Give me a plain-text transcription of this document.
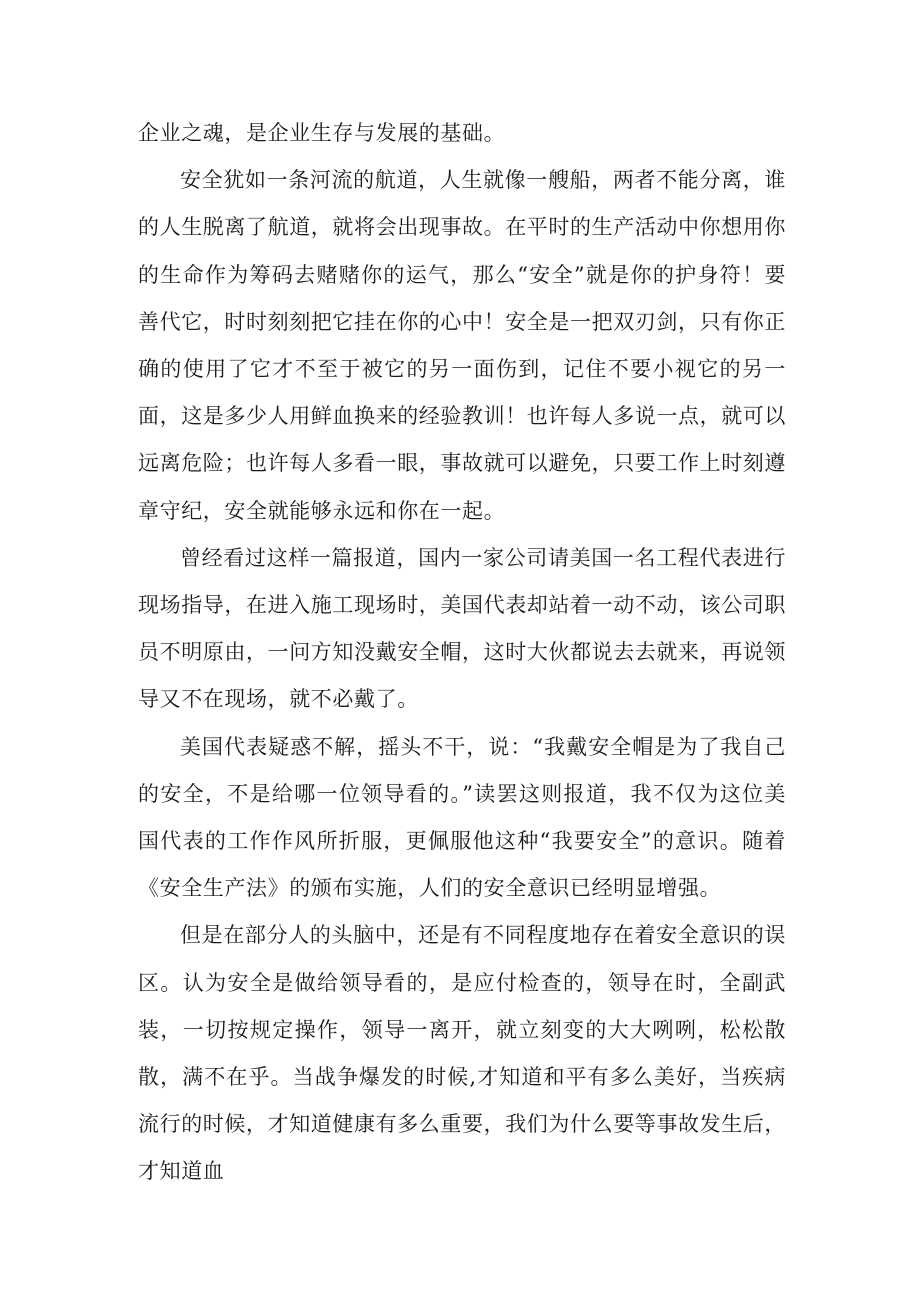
企业之魂，是企业生存与发展的基础。

安全犹如一条河流的航道，人生就像一艘船，两者不能分离，谁的人生脱离了航道，就将会出现事故。在平时的生产活动中你想用你的生命作为筹码去赌赌你的运气，那么“安全”就是你的护身符！要善代它，时时刻刻把它挂在你的心中！安全是一把双刃剑，只有你正确的使用了它才不至于被它的另一面伤到，记住不要小视它的另一面，这是多少人用鲜血换来的经验教训！也许每人多说一点，就可以远离危险；也许每人多看一眼，事故就可以避免，只要工作上时刻遵章守纪，安全就能够永远和你在一起。

曾经看过这样一篇报道，国内一家公司请美国一名工程代表进行现场指导，在进入施工现场时，美国代表却站着一动不动，该公司职员不明原由，一问方知没戴安全帽，这时大伙都说去去就来，再说领导又不在现场，就不必戴了。

美国代表疑惑不解，摇头不干，说：“我戴安全帽是为了我自己的安全，不是给哪一位领导看的。”读罢这则报道，我不仅为这位美国代表的工作作风所折服，更佩服他这种“我要安全”的意识。随着《安全生产法》的颁布实施，人们的安全意识已经明显增强。

但是在部分人的头脑中，还是有不同程度地存在着安全意识的误区。认为安全是做给领导看的，是应付检查的，领导在时，全副武装，一切按规定操作，领导一离开，就立刻变的大大咧咧，松松散散，满不在乎。当战争爆发的时候,才知道和平有多么美好，当疾病流行的时候，才知道健康有多么重要，我们为什么要等事故发生后，才知道血
